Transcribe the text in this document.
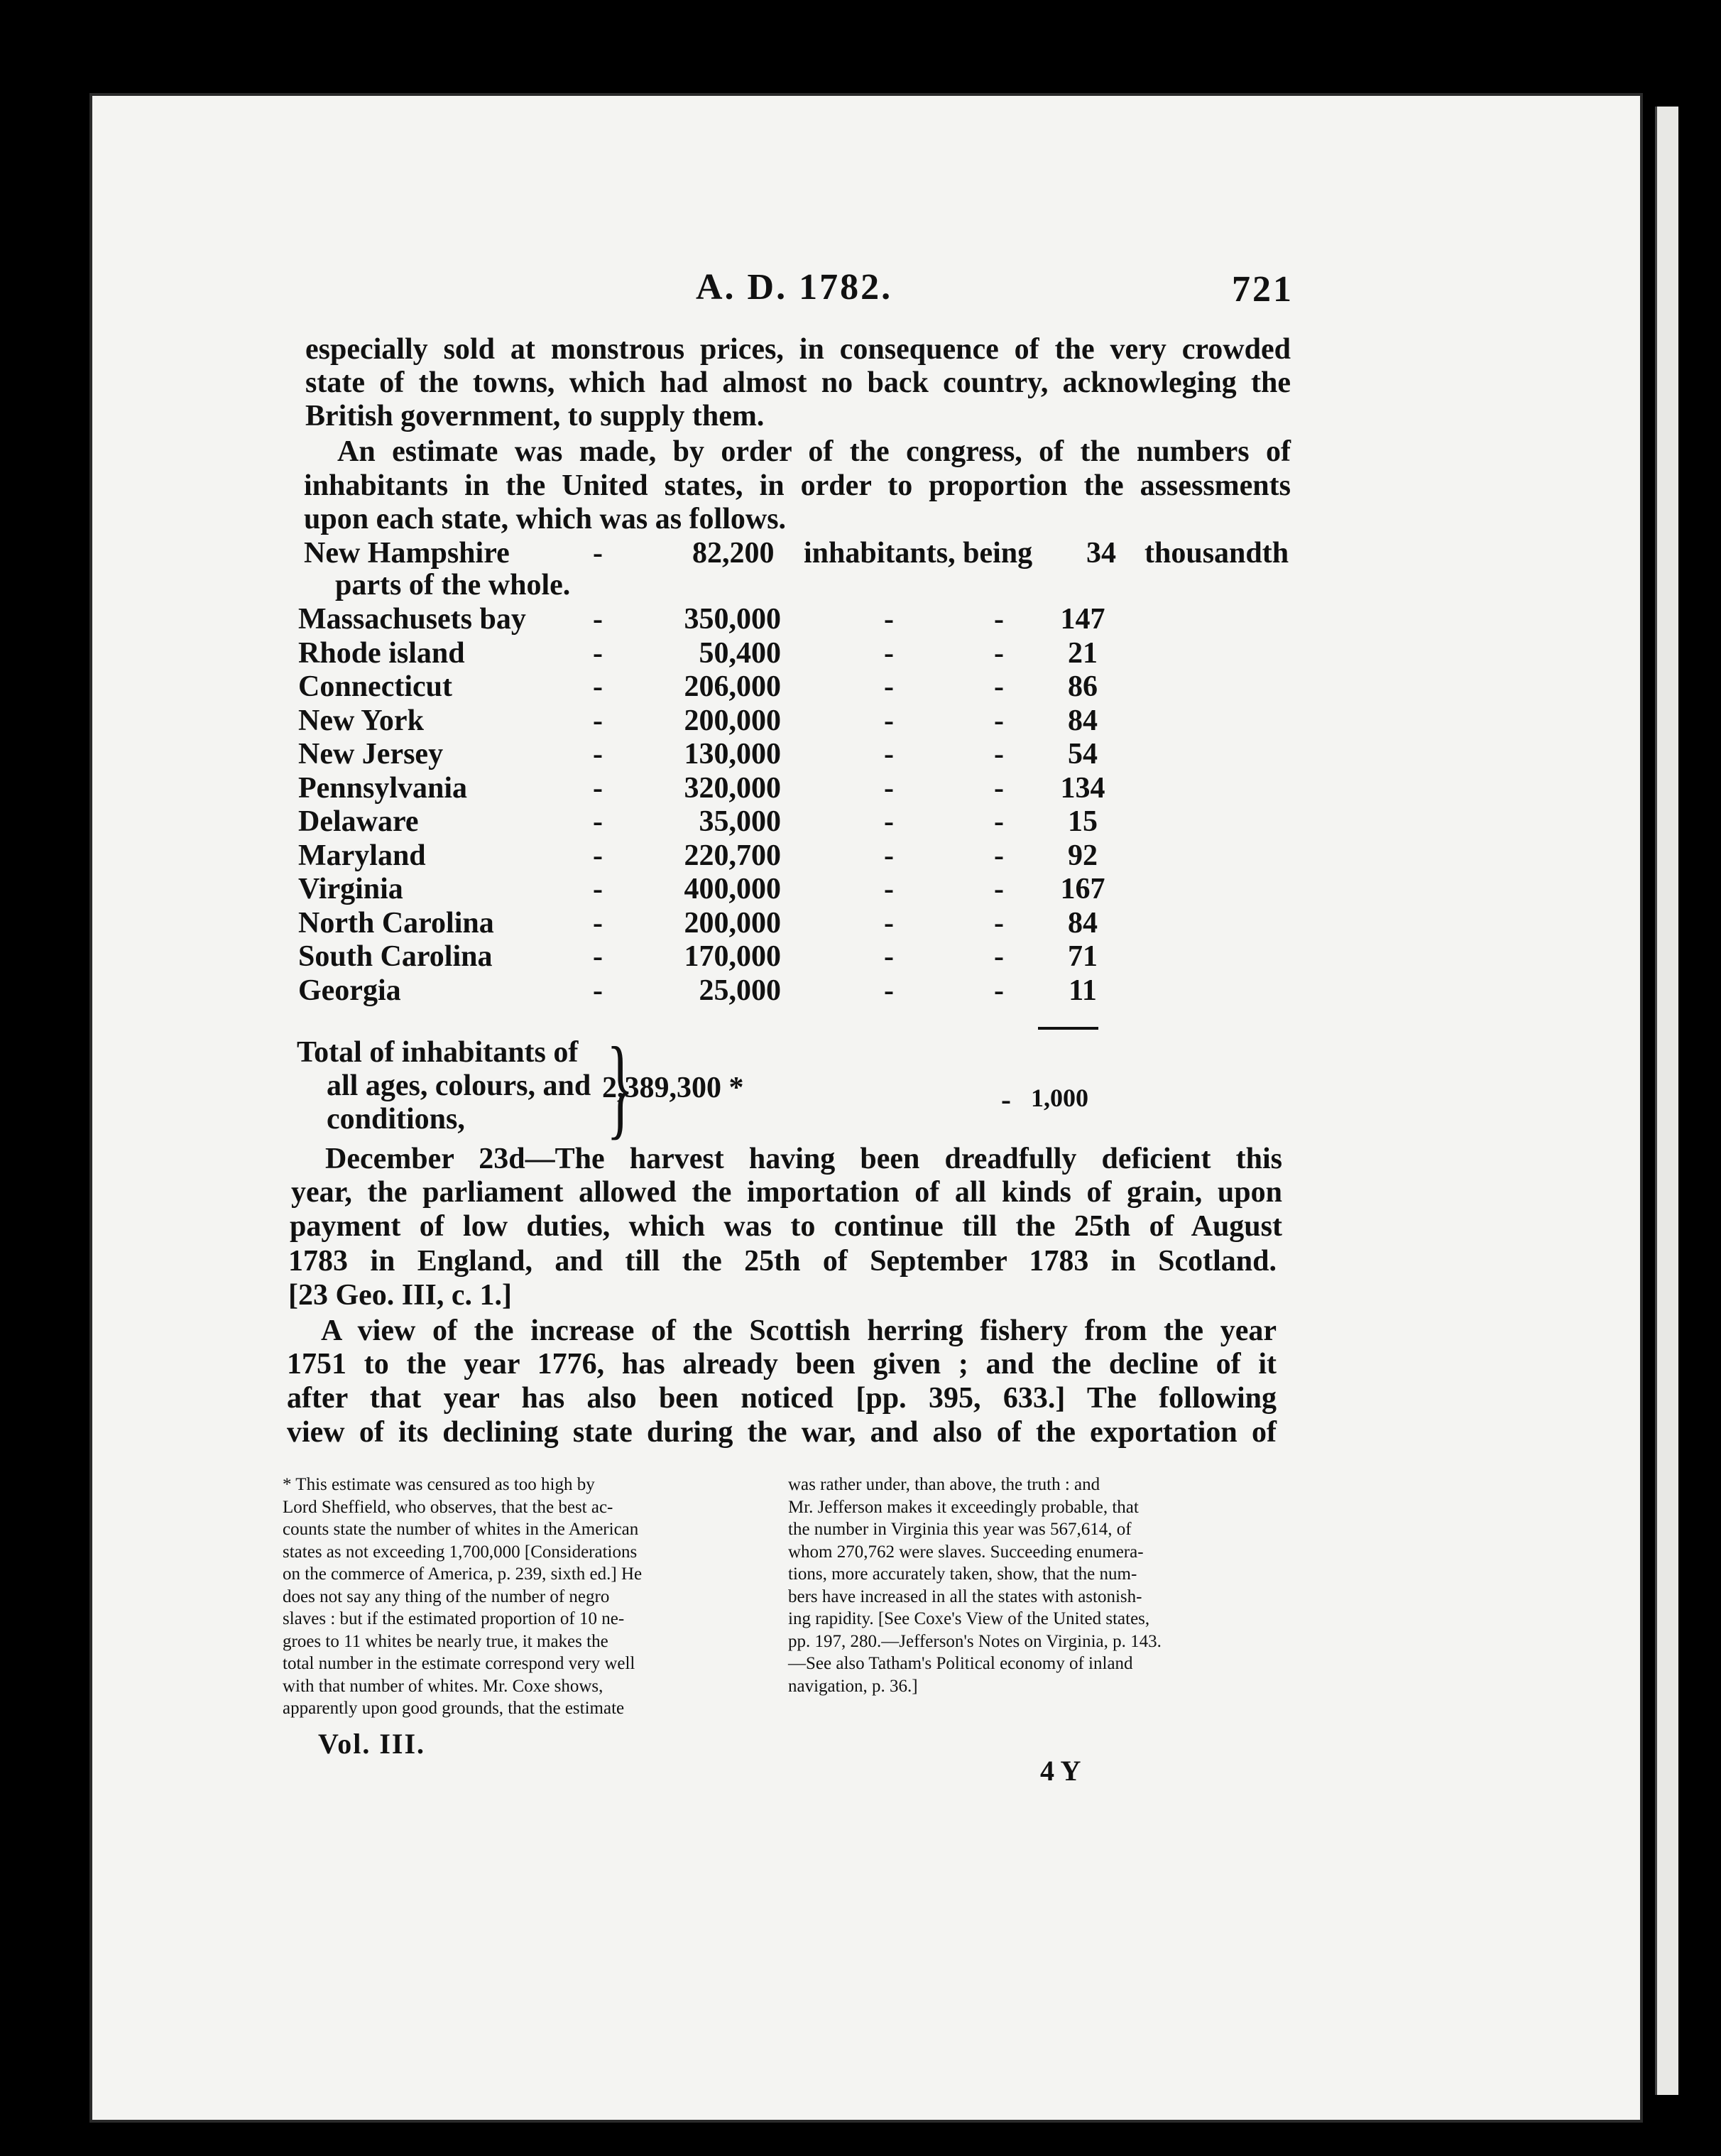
A. D. 1782.	721
especially sold at monstrous prices, in consequence of the very crowded
state of the towns, which had almost no back country, acknowleging the
British government, to supply them.
An estimate was made, by order of the congress, of the numbers of
inhabitants in the United states, in order to proportion the assessments
upon each state, which was as follows.
New Hampshire	-	82,200 inhabitants, being 34 thousandth
parts of the whole.
Massachusets bay -	350,000	-	- 147
Rhode island	-	50,400	-	-	21
Connecticut	-	206,000	-	-	86
New York	-	200,000	-	-	84
New Jersey	-	130,000	-	-	54
Pennsylvania	-	320,000	-	- 134
Delaware	-	35,000	-	-	15
Maryland	-	220,700	-	-	92
Virginia	-	400,000	-	- 167
North Carolina	-	200,000	-	-	84
South Carolina	-	170,000	-	-	71
Georgia	-	25,000	-	-	11
Total of inhabitants of
all ages, colours, and
conditions, }
2,389,300 *	- 1,000
December 23d—The harvest having been dreadfully deficient this
year, the parliament allowed the importation of all kinds of grain, upon
payment of low duties, which was to continue till the 25th of August
1783 in England, and till the 25th of September 1783 in Scotland.
[23 Geo. III, c. 1.]
A view of the increase of the Scottish herring fishery from the year
1751 to the year 1776, has already been given ; and the decline of it
after that year has also been noticed [pp. 395, 633.] The following
view of its declining state during the war, and also of the exportation of
* This estimate was censured as too high by
Lord Sheffield, who observes, that the best ac-
counts state the number of whites in the American
states as not exceeding 1,700,000 [Considerations
on the commerce of America, p. 239, sixth ed.] He
does not say any thing of the number of negro
slaves : but if the estimated proportion of 10 ne-
groes to 11 whites be nearly true, it makes the
total number in the estimate correspond very well
with that number of whites. Mr. Coxe shows,
apparently upon good grounds, that the estimate
was rather under, than above, the truth : and
Mr. Jefferson makes it exceedingly probable, that
the number in Virginia this year was 567,614, of
whom 270,762 were slaves. Succeeding enumera-
tions, more accurately taken, show, that the num-
bers have increased in all the states with astonish-
ing rapidity. [See Coxe's View of the United states,
pp. 197, 280.—Jefferson's Notes on Virginia, p. 143.
—See also Tatham's Political economy of inland
navigation, p. 36.]
Vol. III.
4 Y
